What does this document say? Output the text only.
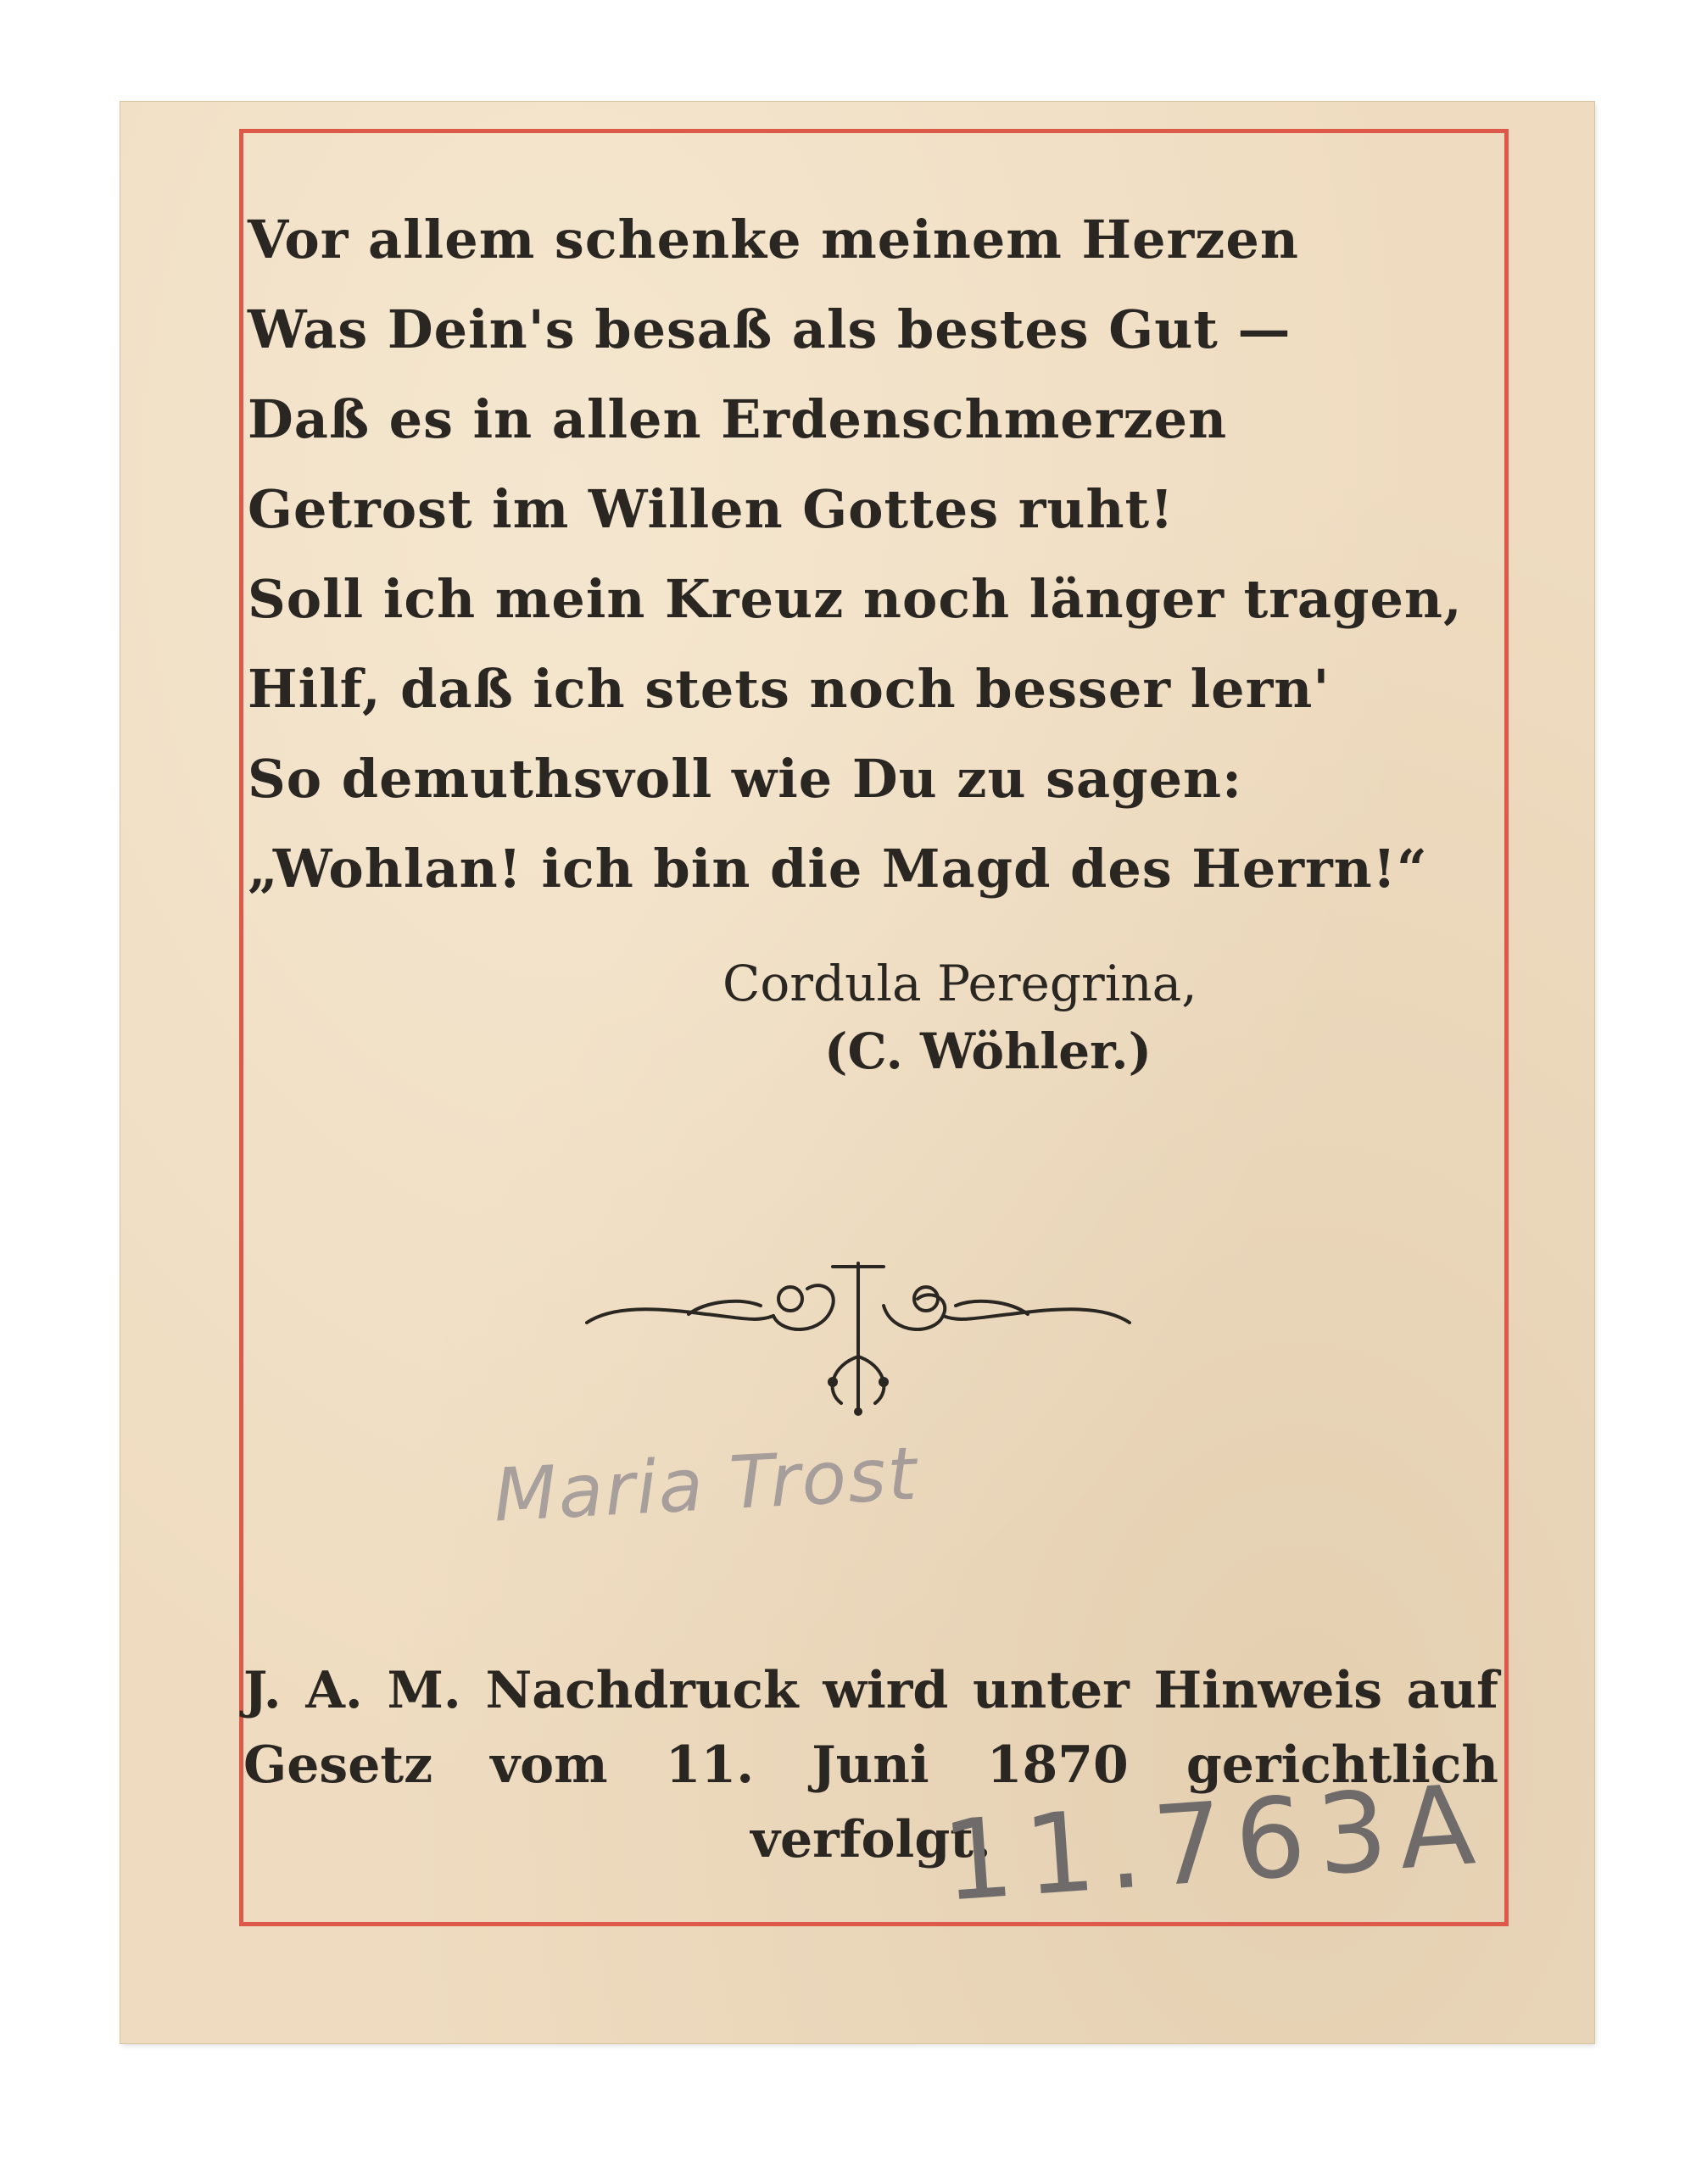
Vor allem schenke meinem Herzen
Was Dein's besaß als bestes Gut —
Daß es in allen Erdenschmerzen
Getrost im Willen Gottes ruht!
Soll ich mein Kreuz noch länger tragen,
Hilf, daß ich stets noch besser lern'
So demuthsvoll wie Du zu sagen:
„Wohlan! ich bin die Magd des Herrn!“
Cordula Peregrina,
(C. Wöhler.)
Maria Trost
J. A. M. Nachdruck wird unter Hinweis auf Gesetz vom 11. Juni 1870 gerichtlich verfolgt.
11.763A
